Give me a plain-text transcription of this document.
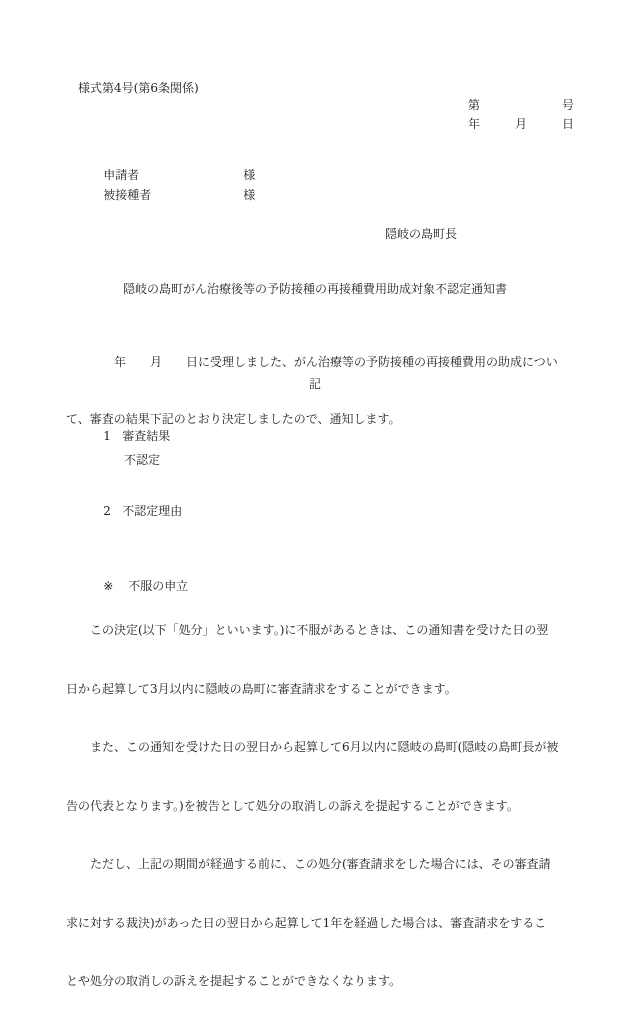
様式第4号(第6条関係)
第	号
年	月	日

申請者	様

被接種者	様

隠岐の島町長
隠岐の島町がん治療後等の予防接種の再接種費用助成対象不認定通知書

　　　　年　　月　　日に受理しました、がん治療等の予防接種の再接種費用の助成につい

て、審査の結果下記のとおり決定しましたので、通知します。

記

1 審査結果

不認定

2 不認定理由

※ 不服の申立

　　この決定(以下「処分」といいます。)に不服があるときは、この通知書を受けた日の翌

日から起算して3月以内に隠岐の島町に審査請求をすることができます。

　　また、この通知を受けた日の翌日から起算して6月以内に隠岐の島町(隠岐の島町長が被

告の代表となります。)を被告として処分の取消しの訴えを提起することができます。

　　ただし、上記の期間が経過する前に、この処分(審査請求をした場合には、その審査請

求に対する裁決)があった日の翌日から起算して1年を経過した場合は、審査請求をするこ

とや処分の取消しの訴えを提起することができなくなります。
